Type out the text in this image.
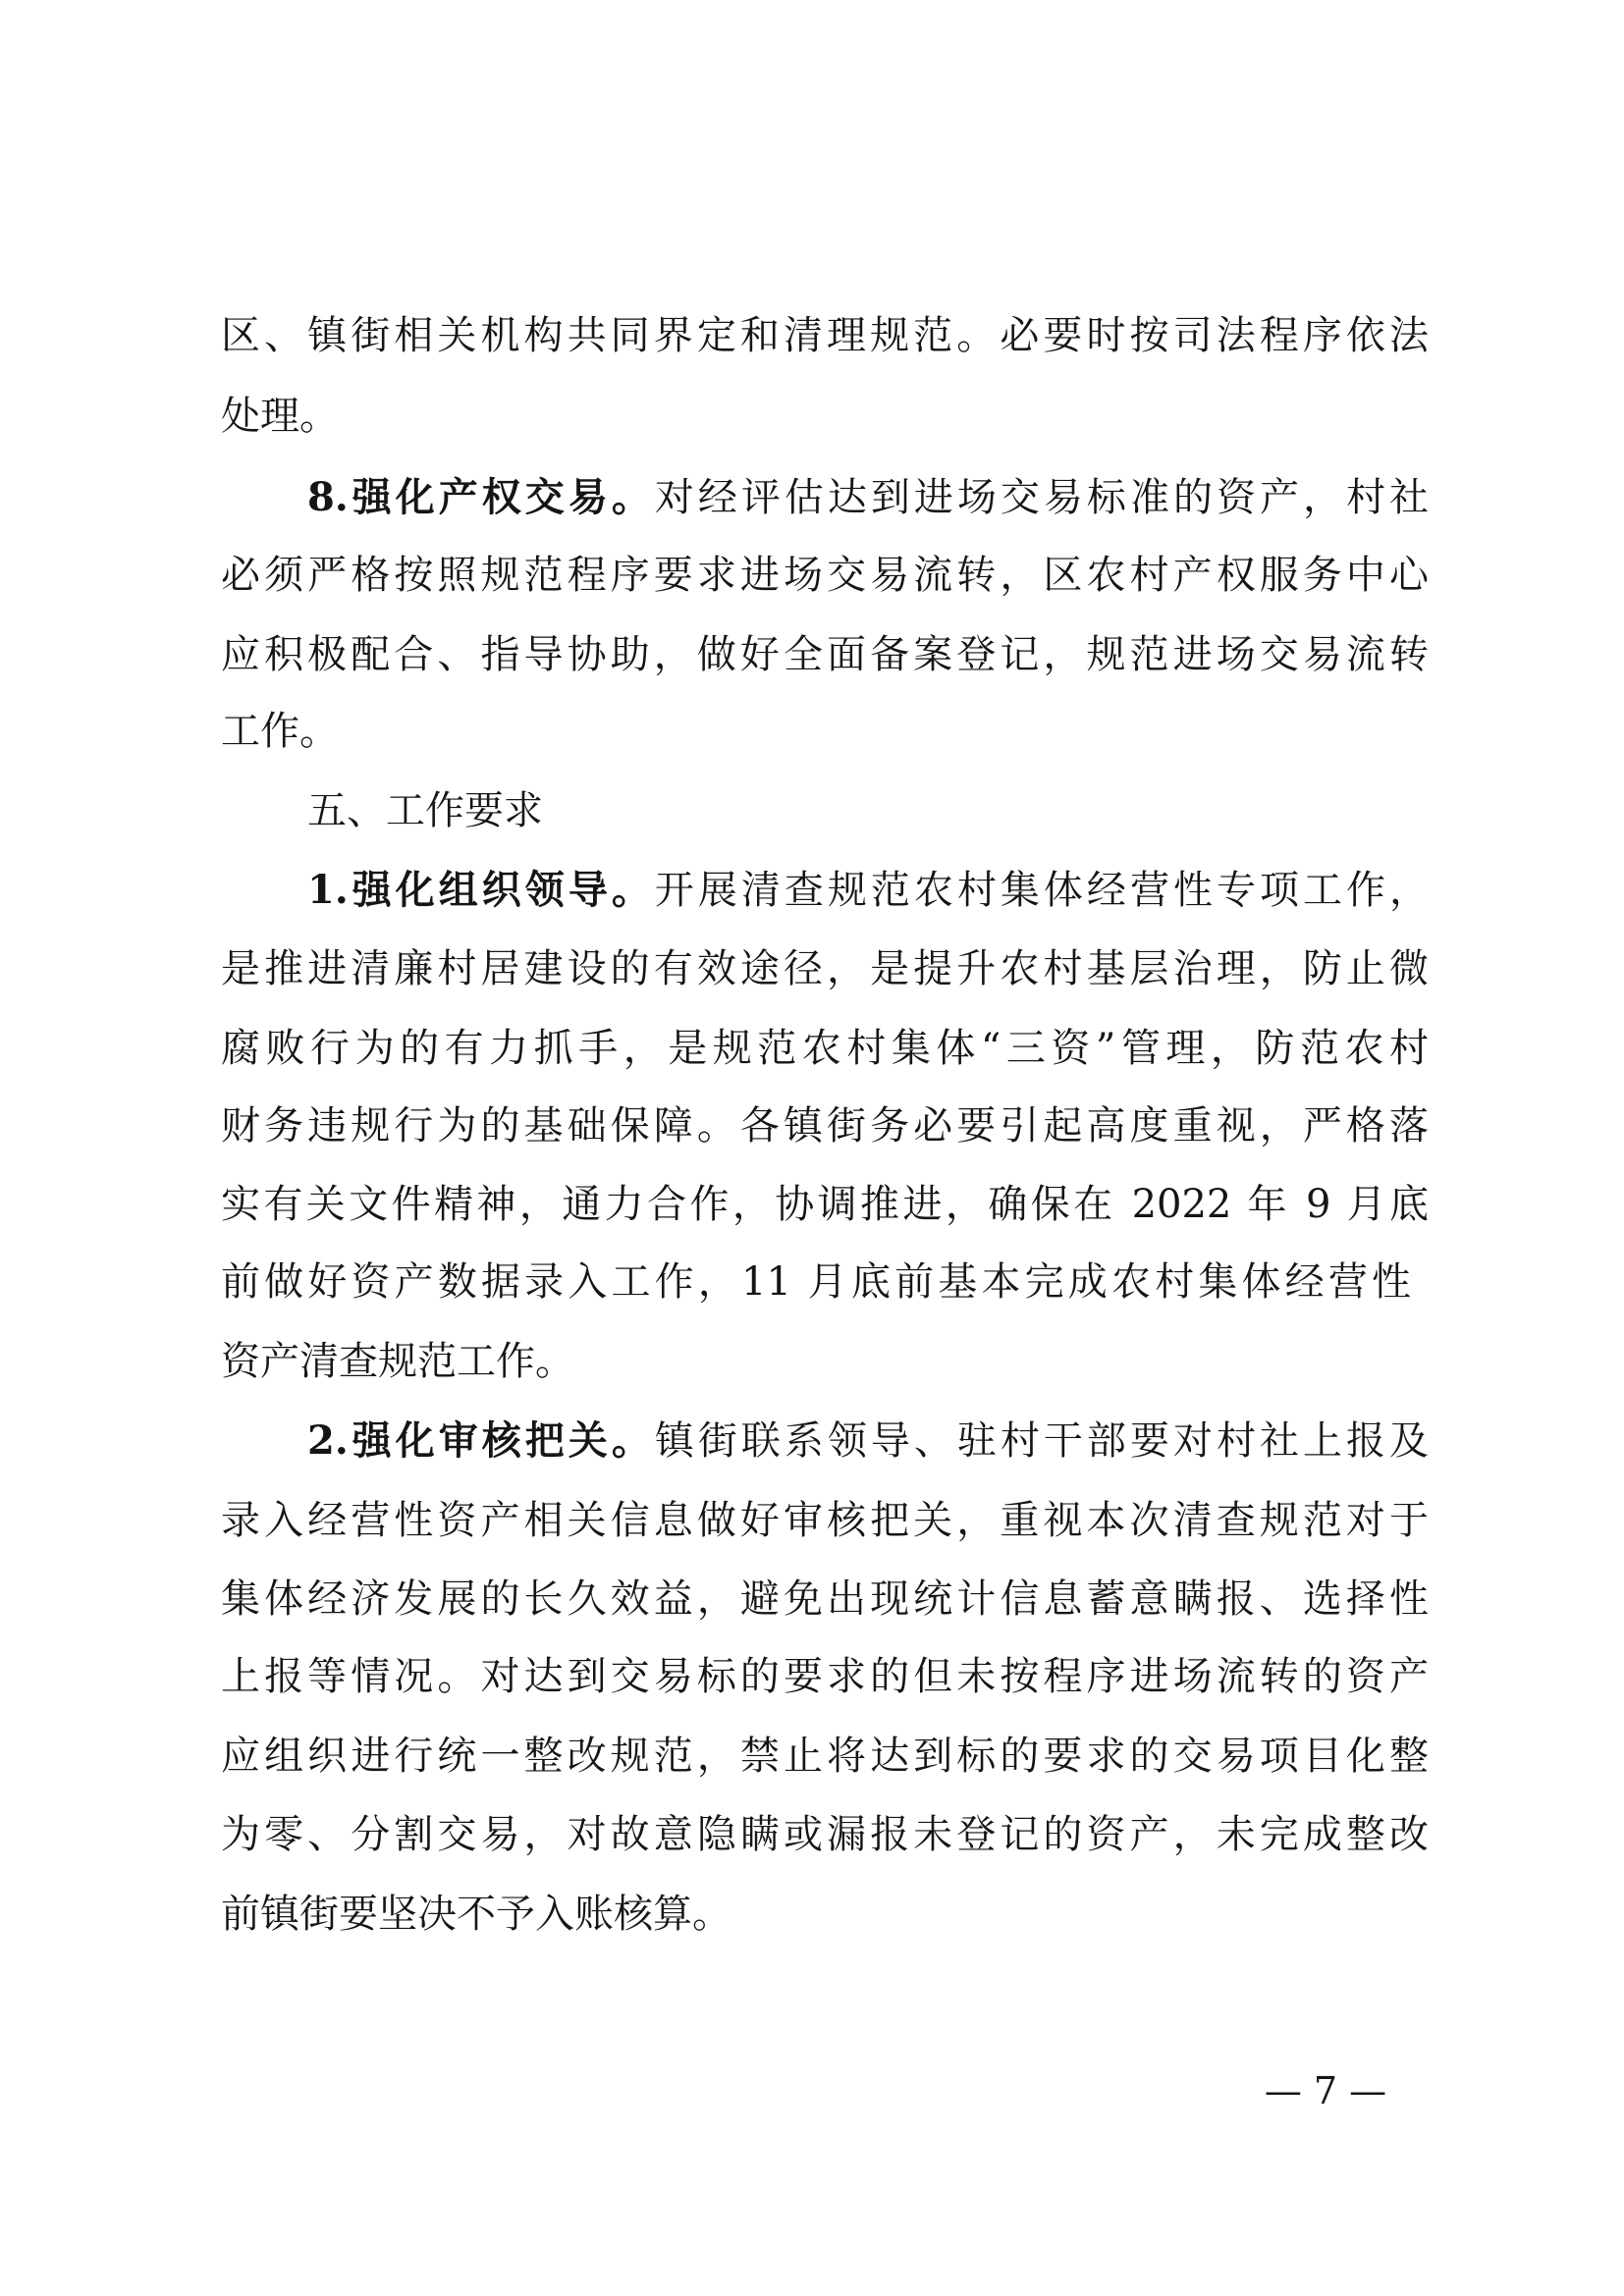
区、镇街相关机构共同界定和清理规范。必要时按司法程序依法
处理。
8.强化产权交易。对经评估达到进场交易标准的资产，村社
必须严格按照规范程序要求进场交易流转，区农村产权服务中心
应积极配合、指导协助，做好全面备案登记，规范进场交易流转
工作。
五、工作要求
1.强化组织领导。开展清查规范农村集体经营性专项工作，
是推进清廉村居建设的有效途径，是提升农村基层治理，防止微
腐败行为的有力抓手，是规范农村集体“三资”管理，防范农村
财务违规行为的基础保障。各镇街务必要引起高度重视，严格落
实有关文件精神，通力合作，协调推进，确保在 2022 年 9 月底
前做好资产数据录入工作，11 月底前基本完成农村集体经营性
资产清查规范工作。
2.强化审核把关。镇街联系领导、驻村干部要对村社上报及
录入经营性资产相关信息做好审核把关，重视本次清查规范对于
集体经济发展的长久效益，避免出现统计信息蓄意瞒报、选择性
上报等情况。对达到交易标的要求的但未按程序进场流转的资产
应组织进行统一整改规范，禁止将达到标的要求的交易项目化整
为零、分割交易，对故意隐瞒或漏报未登记的资产，未完成整改
前镇街要坚决不予入账核算。
— 7 —
